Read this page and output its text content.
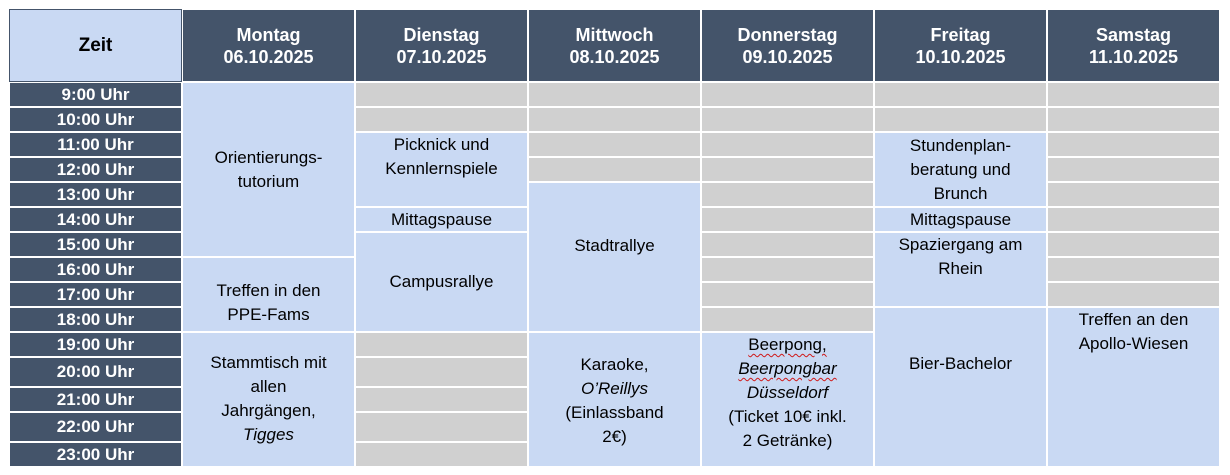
Zeit	Montag
06.10.2025
Dienstag
07.10.2025
Mittwoch
08.10.2025
Donnerstag
09.10.2025
Freitag
10.10.2025
Samstag
11.10.2025
9:00 Uhr
10:00 Uhr
11:00 Uhr
12:00 Uhr
13:00 Uhr
14:00 Uhr
15:00 Uhr
16:00 Uhr
17:00 Uhr
18:00 Uhr
19:00 Uhr
20:00 Uhr
21:00 Uhr
22:00 Uhr
23:00 Uhr
Orientierungs-
tutorium
Treffen in den
PPE-Fams
Stammtisch mit
allen
Jahrgängen,
Tigges
Picknick und
Kennlernspiele
Mittagspause
Campusrallye
Stadtrallye
Karaoke,
O’Reillys
(Einlassband
2€)
Beerpong,
Beerpongbar
Düsseldorf
(Ticket 10€ inkl.
2 Getränke)
Stundenplan-
beratung und
Brunch
Mittagspause
Spaziergang am
Rhein
Bier-Bachelor
Treffen an den
Apollo-Wiesen
